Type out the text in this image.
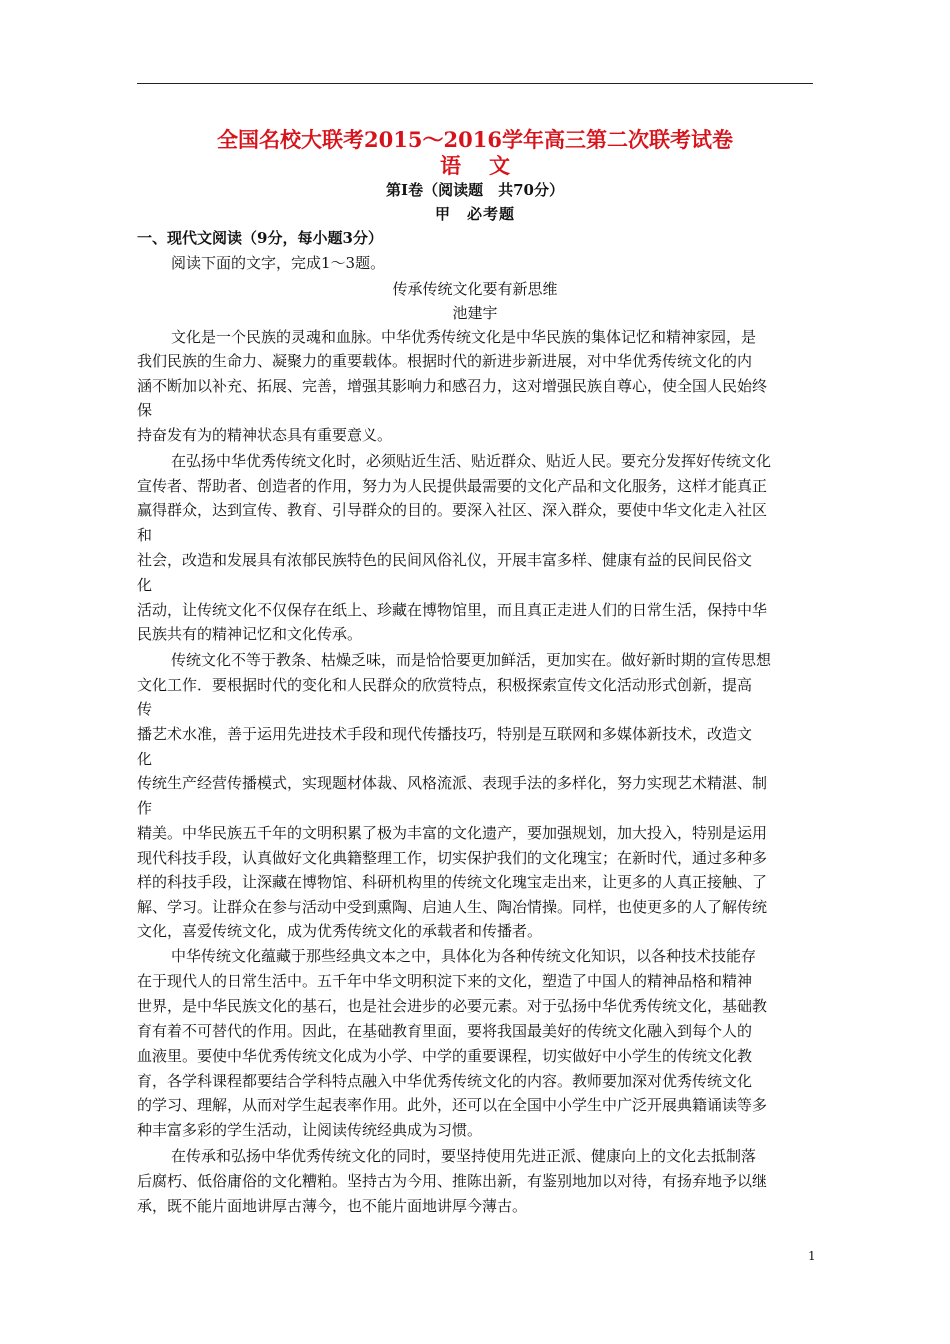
全国名校大联考2015～2016学年高三第二次联考试卷
语文
第Ⅰ卷（阅读题　共70分）
甲　必考题
一、现代文阅读（9分，每小题3分）
阅读下面的文字，完成1～3题。
传承传统文化要有新思维
池建宇
文化是一个民族的灵魂和血脉。中华优秀传统文化是中华民族的集体记忆和精神家园，是
我们民族的生命力、凝聚力的重要载体。根据时代的新进步新进展，对中华优秀传统文化的内
涵不断加以补充、拓展、完善，增强其影响力和感召力，这对增强民族自尊心，使全国人民始终
保
持奋发有为的精神状态具有重要意义。
在弘扬中华优秀传统文化时，必须贴近生活、贴近群众、贴近人民。要充分发挥好传统文化
宣传者、帮助者、创造者的作用，努力为人民提供最需要的文化产品和文化服务，这样才能真正
赢得群众，达到宣传、教育、引导群众的目的。要深入社区、深入群众，要使中华文化走入社区
和
社会，改造和发展具有浓郁民族特色的民间风俗礼仪，开展丰富多样、健康有益的民间民俗文
化
活动，让传统文化不仅保存在纸上、珍藏在博物馆里，而且真正走进人们的日常生活，保持中华
民族共有的精神记忆和文化传承。
传统文化不等于教条、枯燥乏味，而是恰恰要更加鲜活，更加实在。做好新时期的宣传思想
文化工作．要根据时代的变化和人民群众的欣赏特点，积极探索宣传文化活动形式创新，提高
传
播艺术水准，善于运用先进技术手段和现代传播技巧，特别是互联网和多媒体新技术，改造文
化
传统生产经营传播模式，实现题材体裁、风格流派、表现手法的多样化，努力实现艺术精湛、制
作
精美。中华民族五千年的文明积累了极为丰富的文化遗产，要加强规划，加大投入，特别是运用
现代科技手段，认真做好文化典籍整理工作，切实保护我们的文化瑰宝；在新时代，通过多种多
样的科技手段，让深藏在博物馆、科研机构里的传统文化瑰宝走出来，让更多的人真正接触、了
解、学习。让群众在参与活动中受到熏陶、启迪人生、陶冶情操。同样，也使更多的人了解传统
文化，喜爱传统文化，成为优秀传统文化的承载者和传播者。
中华传统文化蕴藏于那些经典文本之中，具体化为各种传统文化知识，以各种技术技能存
在于现代人的日常生活中。五千年中华文明积淀下来的文化，塑造了中国人的精神品格和精神
世界，是中华民族文化的基石，也是社会进步的必要元素。对于弘扬中华优秀传统文化，基础教
育有着不可替代的作用。因此，在基础教育里面，要将我国最美好的传统文化融入到每个人的
血液里。要使中华优秀传统文化成为小学、中学的重要课程，切实做好中小学生的传统文化教
育，各学科课程都要结合学科特点融入中华优秀传统文化的内容。教师要加深对优秀传统文化
的学习、理解，从而对学生起表率作用。此外，还可以在全国中小学生中广泛开展典籍诵读等多
种丰富多彩的学生活动，让阅读传统经典成为习惯。
在传承和弘扬中华优秀传统文化的同时，要坚持使用先进正派、健康向上的文化去抵制落
后腐朽、低俗庸俗的文化糟粕。坚持古为今用、推陈出新，有鉴别地加以对待，有扬弃地予以继
承，既不能片面地讲厚古薄今，也不能片面地讲厚今薄古。
1
